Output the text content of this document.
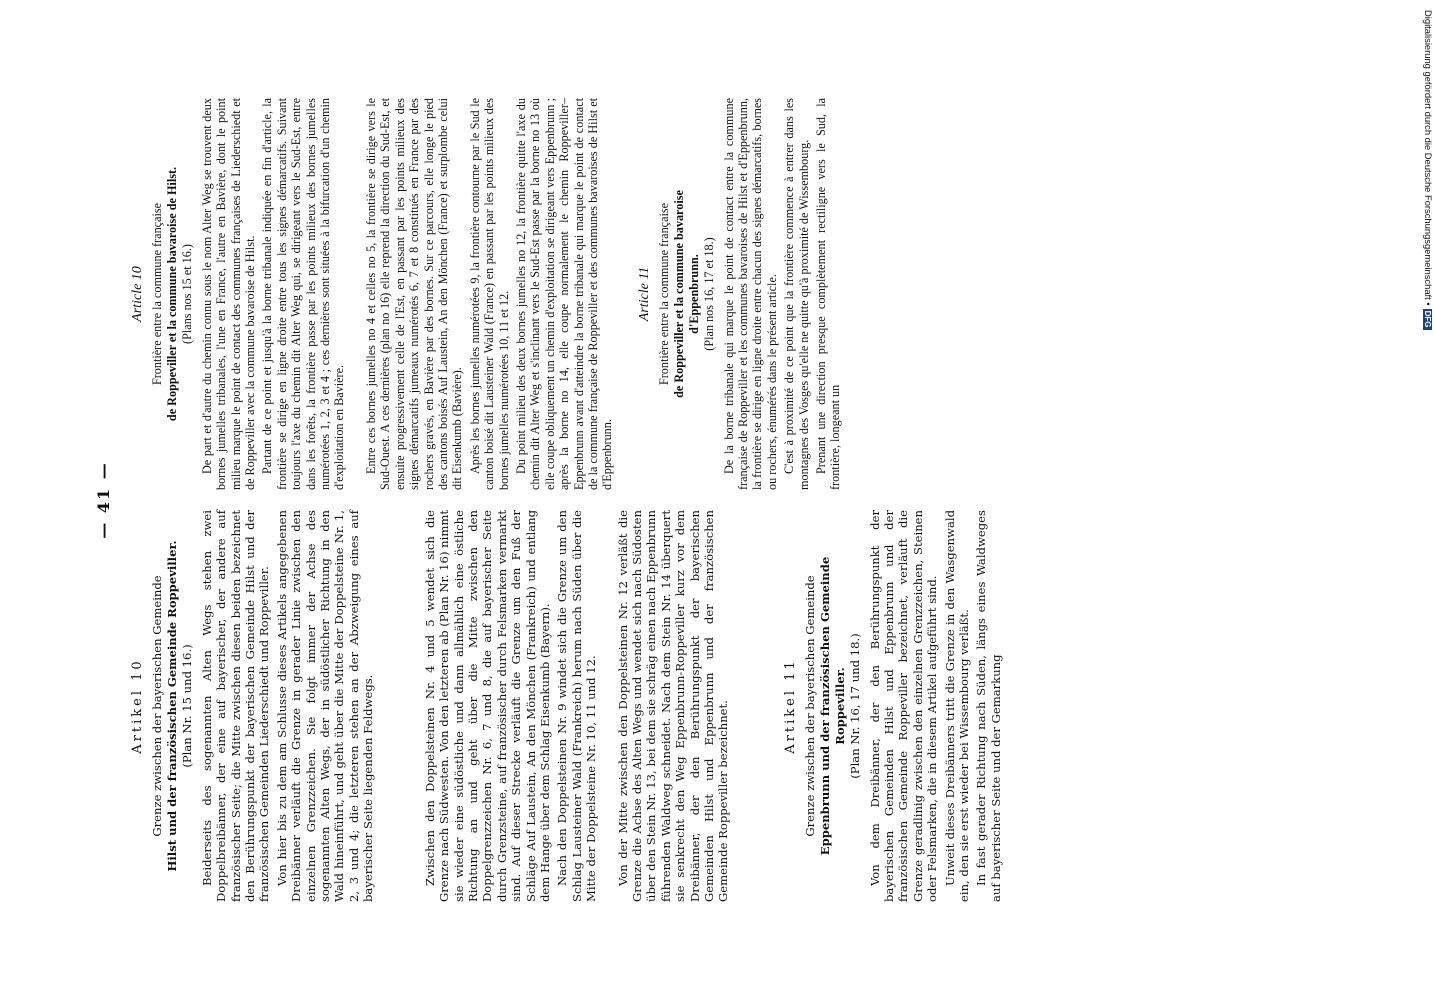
Digitalisierung gefördert durch die Deutsche Forschungsgemeinschaft •DFG
— 41 —
Artikel 10 Grenze zwischen der bayerischen Gemeinde Hilst und der französischen Gemeinde Roppeviller. (Plan Nr. 15 und 16.) Beiderseits des sogenannten Alten Wegs stehen zwei Doppelbreibänner, der eine auf bayerischer, der andere auf französischer Seite; die Mitte zwischen diesen beiden bezeichnet den Berührungspunkt der bayerischen Gemeinde Hilst und der französischen Gemeinden Liederschiedt und Roppeviller. Von hier bis zu dem am Schlusse dieses Artikels angegebenen Dreibänner verläuft die Grenze in gerader Linie zwischen den einzelnen Grenzzeichen. Sie folgt immer der Achse des sogenannten Alten Wegs, der in südöstlicher Richtung in den Wald hineinführt, und geht über die Mitte der Doppelsteine Nr. 1, 2, 3 und 4; die letzteren stehen an der Abzweigung eines auf bayerischer Seite liegenden Feldwegs.	Zwischen den Doppelsteinen Nr. 4 und 5 wendet sich die Grenze nach Südwesten. Von den letzteren ab (Plan Nr. 16) nimmt sie wieder eine südöstliche und dann allmählich eine östliche Richtung an und geht über die Mitte zwischen den Doppelgrenzzeichen Nr. 6, 7 und 8, die auf bayerischer Seite durch Grenzsteine, auf französischer durch Felsmarken vermarkt sind. Auf dieser Strecke verläuft die Grenze um den Fuß der Schläge Auf Laustein, An den Mönchen (Frankreich) und entlang dem Hange über dem Schlag Eisenkumb (Bayern). Nach den Doppelsteinen Nr. 9 windet sich die Grenze um den Schlag Lausteiner Wald (Frankreich) herum nach Süden über die Mitte der Doppelsteine Nr. 10, 11 und 12. Von der Mitte zwischen den Doppelsteinen Nr. 12 verläßt die Grenze die Achse des Alten Wegs und wendet sich nach Südosten über den Stein Nr. 13, bei dem sie schräg einen nach Eppenbrunn führenden Waldweg schneidet. Nach dem Stein Nr. 14 überquert sie senkrecht den Weg Eppenbrunn-Roppeviller kurz vor dem Dreibänner, der den Berührungspunkt der bayerischen Gemeinden Hilst und Eppenbrunn und der französischen Gemeinde Roppeviller bezeichnet.	Artikel 11 Grenze zwischen der bayerischen Gemeinde Eppenbrunn und der französischen Gemeinde Roppeviller. (Plan Nr. 16, 17 und 18.) Von dem Dreibänner, der den Berührungspunkt der bayerischen Gemeinden Hilst und Eppenbrunn und der französischen Gemeinde Roppeviller bezeichnet, verläuft die Grenze geradlinig zwischen den einzelnen Grenzzeichen, Steinen oder Felsmarken, die in diesem Artikel aufgeführt sind. Unweit dieses Dreibänners tritt die Grenze in den Wasgenwald ein, den sie erst wieder bei Wissembourg verläßt. In fast gerader Richtung nach Süden, längs eines Waldweges auf bayerischer Seite und der Gemarkung

Article 10 Frontière entre la commune française de Roppeviller et la commune bavaroise de Hilst. (Plans nos 15 et 16.) De part et d'autre du chemin connu sous le nom Alter Weg se trouvent deux bornes jumelles tribanales, l'une en France, l'autre en Bavière, dont le point milieu marque le point de contact des communes françaises de Liederschiedt et de Roppeviller avec la commune bavaroise de Hilst. Partant de ce point et jusqu'à la borne tribanale indiquée en fin d'article, la frontière se dirige en ligne droite entre tous les signes démarcatifs. Suivant toujours l'axe du chemin dit Alter Weg qui, se dirigeant vers le Sud-Est, entre dans les forêts, la frontière passe par les points milieux des bornes jumelles numérotées 1, 2, 3 et 4 ; ces dernières sont situées à la bifurcation d'un chemin d'exploitation en Bavière. Entre ces bornes jumelles no 4 et celles no 5, la frontière se dirige vers le Sud-Ouest. A ces dernières (plan no 16) elle reprend la direction du Sud-Est, et ensuite progressivement celle de l'Est, en passant par les points milieux des signes démarcatifs jumeaux numérotés 6, 7 et 8 constitués en France par des rochers gravés, en Bavière par des bornes. Sur ce parcours, elle longe le pied des cantons boisés Auf Laustein, An den Mönchen (France) et surplombe celui dit Eisenkumb (Bavière). Après les bornes jumelles numérotées 9, la frontière contourne par le Sud le canton boisé dit Lausteiner Wald (France) en passant par les points milieux des bornes jumelles numérotées 10, 11 et 12. Du point milieu des deux bornes jumelles no 12, la frontière quitte l'axe du chemin dit Alter Weg et s'inclinant vers le Sud-Est passe par la borne no 13 où elle coupe obliquement un chemin d'exploitation se dirigeant vers Eppenbrunn ; après la borne no 14, elle coupe normalement le chemin Roppeviller–Eppenbrunn avant d'atteindre la borne tribanale qui marque le point de contact de la commune française de Roppeviller et des communes bavaroises de Hilst et d'Eppenbrunn.

Article 11 Frontière entre la commune française de Roppeviller et la commune bavaroise d'Eppenbrunn. (Plan nos 16, 17 et 18.) De la borne tribanale qui marque le point de contact entre la commune française de Roppeviller et les communes bavaroises de Hilst et d'Eppenbrunn, la frontière se dirige en ligne droite entre chacun des signes démarcatifs, bornes ou rochers, énumérés dans le présent article. C'est à proximité de ce point que la frontière commence à entrer dans les montagnes des Vosges qu'elle ne quitte qu'à proximité de Wissembourg. Prenant une direction presque complètement rectiligne vers le Sud, la frontière, longeant un
